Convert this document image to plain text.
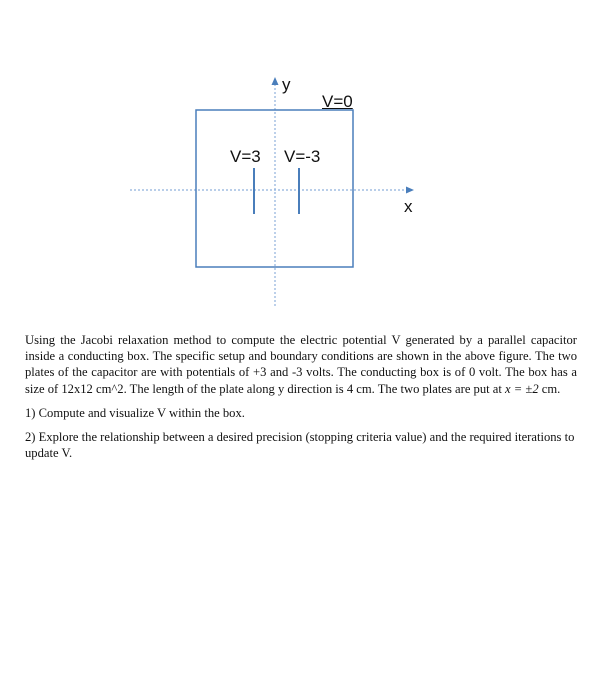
y
V=0
V=3 V=-3
x

Using the Jacobi relaxation method to compute the electric potential V generated by a parallel capacitor inside a conducting box. The specific setup and boundary conditions are shown in the above figure. The two plates of the capacitor are with potentials of +3 and -3 volts. The conducting box is of 0 volt. The box has a size of 12x12 cm^2. The length of the plate along y direction is 4 cm. The two plates are put at x = ±2 cm.

1) Compute and visualize V within the box.

2) Explore the relationship between a desired precision (stopping criteria value) and the required iterations to update V.
